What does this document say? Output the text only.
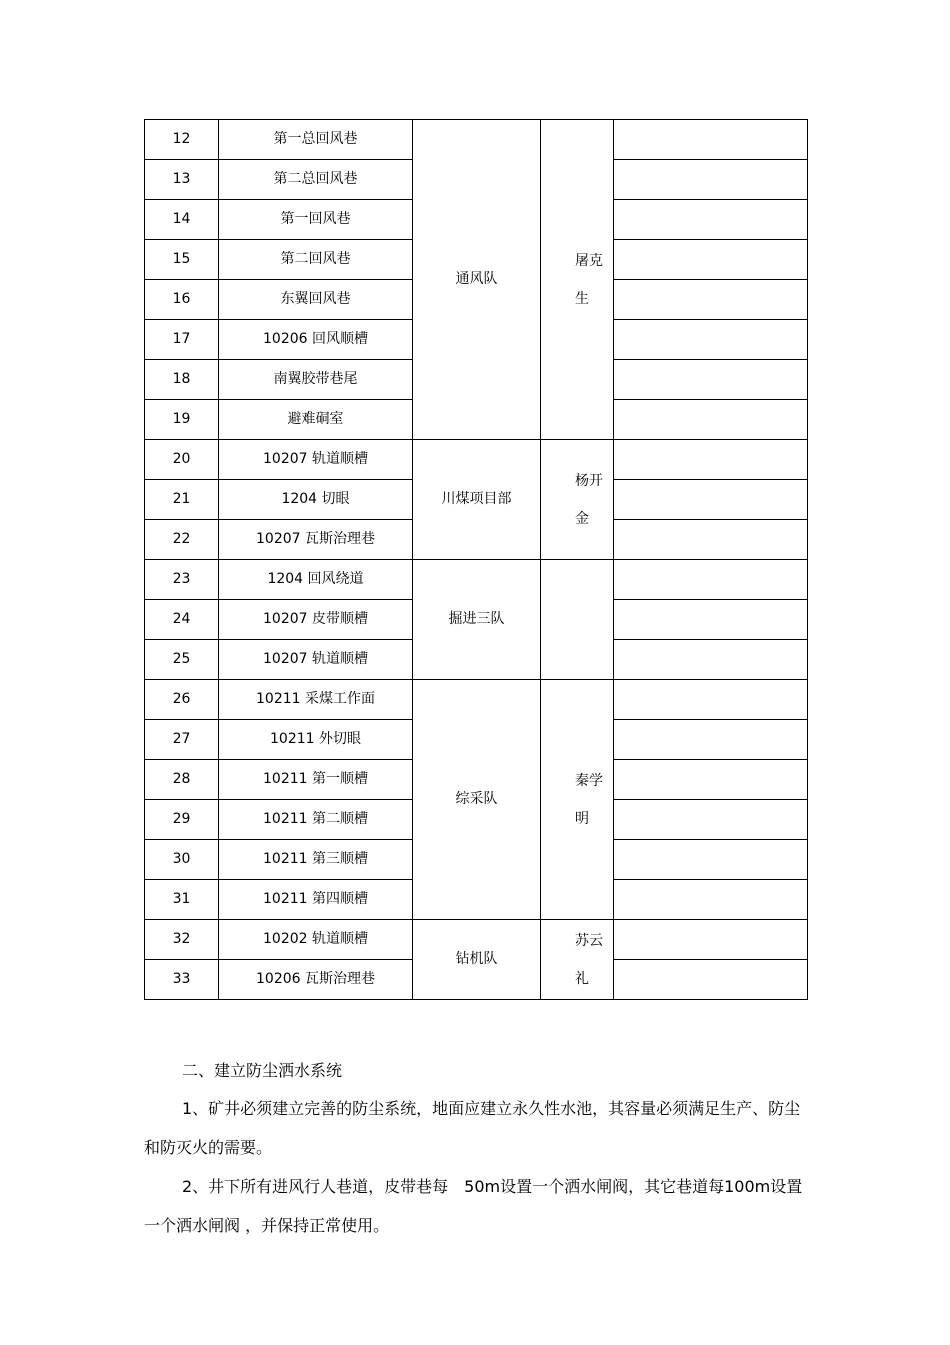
12	第一总回风巷	通风队	屠克生	
13	第二总回风巷			
14	第一回风巷			
15	第二回风巷			
16	东翼回风巷			
17	10206 回风顺槽			
18	南翼胶带巷尾			
19	避难硐室			
20	10207 轨道顺槽	川煤项目部	杨开金	
21	1204 切眼			
22	10207 瓦斯治理巷			
23	1204 回风绕道	掘进三队		
24	10207 皮带顺槽			
25	10207 轨道顺槽			
26	10211 采煤工作面	综采队	秦学明	
27	10211 外切眼			
28	10211 第一顺槽			
29	10211 第二顺槽			
30	10211 第三顺槽			
31	10211 第四顺槽			
32	10202 轨道顺槽	钻机队	苏云礼	
33	10206 瓦斯治理巷			
二、建立防尘洒水系统
1、矿井必须建立完善的防尘系统，地面应建立永久性水池，其容量必须满足生产、防尘和防灭火的需要。
2、井下所有进风行人巷道，皮带巷每　50m设置一个洒水闸阀，其它巷道每100m设置一个洒水闸阀 ，并保持正常使用。
